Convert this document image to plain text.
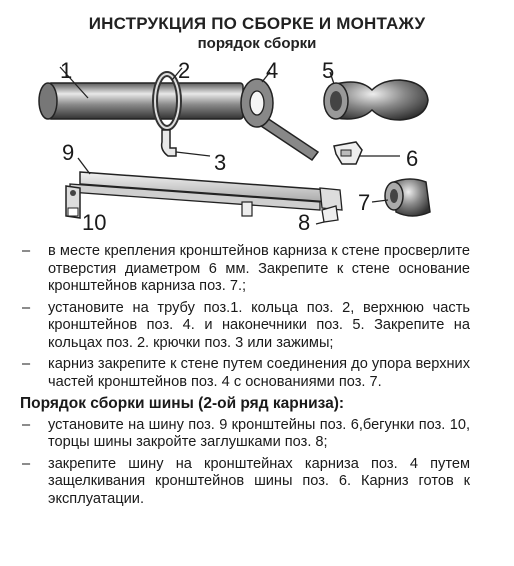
ИНСТРУКЦИЯ ПО СБОРКЕ И МОНТАЖУ
порядок сборки
1	2
3
4 5
6
7
8
9
10
– в месте крепления кронштейнов карниза к стене просверлите отверстия диаметром 6 мм. Закрепите к стене основание кронштейнов карниза поз. 7.;
– установите на трубу поз.1. кольца поз. 2, верхнюю часть кронштейнов поз. 4. и наконечники поз. 5. Закрепите на кольцах поз. 2. крючки поз. 3 или зажимы;
– карниз закрепите к стене путем соединения до упора верхних частей кронштейнов поз. 4 с основаниями поз. 7.
Порядок сборки шины (2-ой ряд карниза):
– установите на шину поз. 9 кронштейны поз. 6,бегунки поз. 10, торцы шины закройте заглушками поз. 8;
– закрепите шину на кронштейнах карниза поз. 4 путем защелкивания кронштейнов шины поз. 6. Карниз готов к эксплуатации.
